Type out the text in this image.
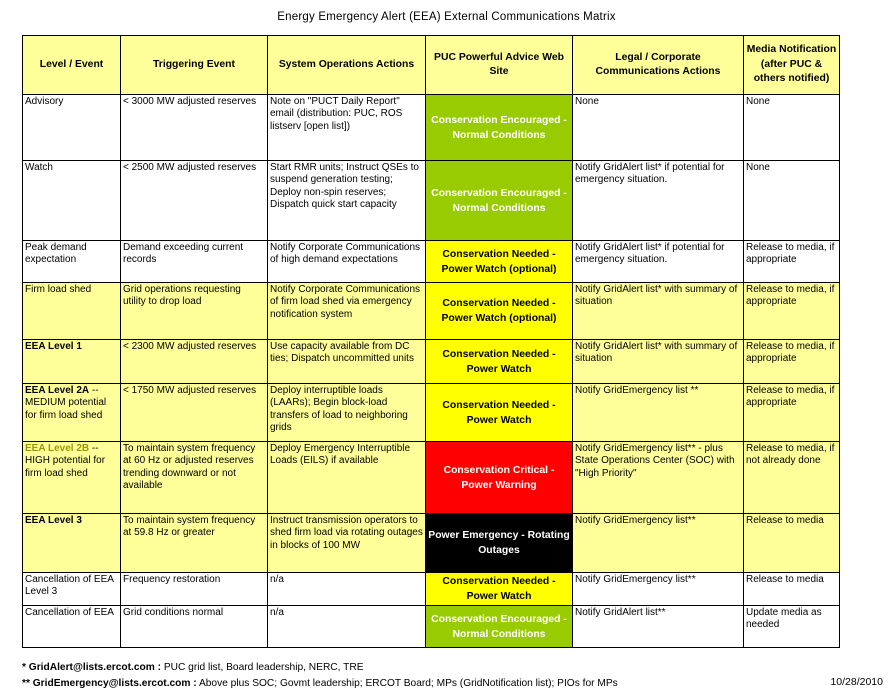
Energy Emergency Alert (EEA) External Communications Matrix
Level / Event	Triggering Event	System Operations Actions	PUC Powerful Advice Web Site	Legal / Corporate Communications Actions	Media Notification (after PUC & others notified)
Advisory	< 3000 MW adjusted reserves	Note on "PUCT Daily Report" email (distribution: PUC, ROS listserv [open list])	Conservation Encouraged - Normal Conditions	None	None
Watch	< 2500 MW adjusted reserves	Start RMR units; Instruct QSEs to suspend generation testing; Deploy non-spin reserves; Dispatch quick start capacity	Conservation Encouraged - Normal Conditions	Notify GridAlert list* if potential for emergency situation.	None
Peak demand expectation	Demand exceeding current records	Notify Corporate Communications of high demand expectations	Conservation Needed - Power Watch (optional)	Notify GridAlert list* if potential for emergency situation.	Release to media, if appropriate
Firm load shed	Grid operations requesting utility to drop load	Notify Corporate Communications of firm load shed via emergency notification system	Conservation Needed - Power Watch (optional)	Notify GridAlert list* with summary of situation	Release to media, if appropriate
EEA Level 1	< 2300 MW adjusted reserves	Use capacity available from DC ties; Dispatch uncommitted units	Conservation Needed - Power Watch	Notify GridAlert list* with summary of situation	Release to media, if appropriate
EEA Level 2A -- MEDIUM potential for firm load shed	< 1750 MW adjusted reserves	Deploy interruptible loads (LAARs); Begin block-load transfers of load to neighboring grids	Conservation Needed - Power Watch	Notify GridEmergency list **	Release to media, if appropriate
EEA Level 2B -- HIGH potential for firm load shed	To maintain system frequency at 60 Hz or adjusted reserves trending downward or not available	Deploy Emergency Interruptible Loads (EILS) if available	Conservation Critical - Power Warning	Notify GridEmergency list** - plus State Operations Center (SOC) with "High Priority"	Release to media, if not already done
EEA Level 3	To maintain system frequency at 59.8 Hz or greater	Instruct transmission operators to shed firm load via rotating outages in blocks of 100 MW	Power Emergency - Rotating Outages	Notify GridEmergency list**	Release to media
Cancellation of EEA Level 3	Frequency restoration	n/a	Conservation Needed - Power Watch	Notify GridEmergency list**	Release to media
Cancellation of EEA	Grid conditions normal	n/a	Conservation Encouraged - Normal Conditions	Notify GridAlert list**	Update media as needed
* GridAlert@lists.ercot.com : PUC grid list, Board leadership, NERC, TRE
** GridEmergency@lists.ercot.com : Above plus SOC; Govmt leadership; ERCOT Board; MPs (GridNotification list); PIOs for MPs	10/28/2010
